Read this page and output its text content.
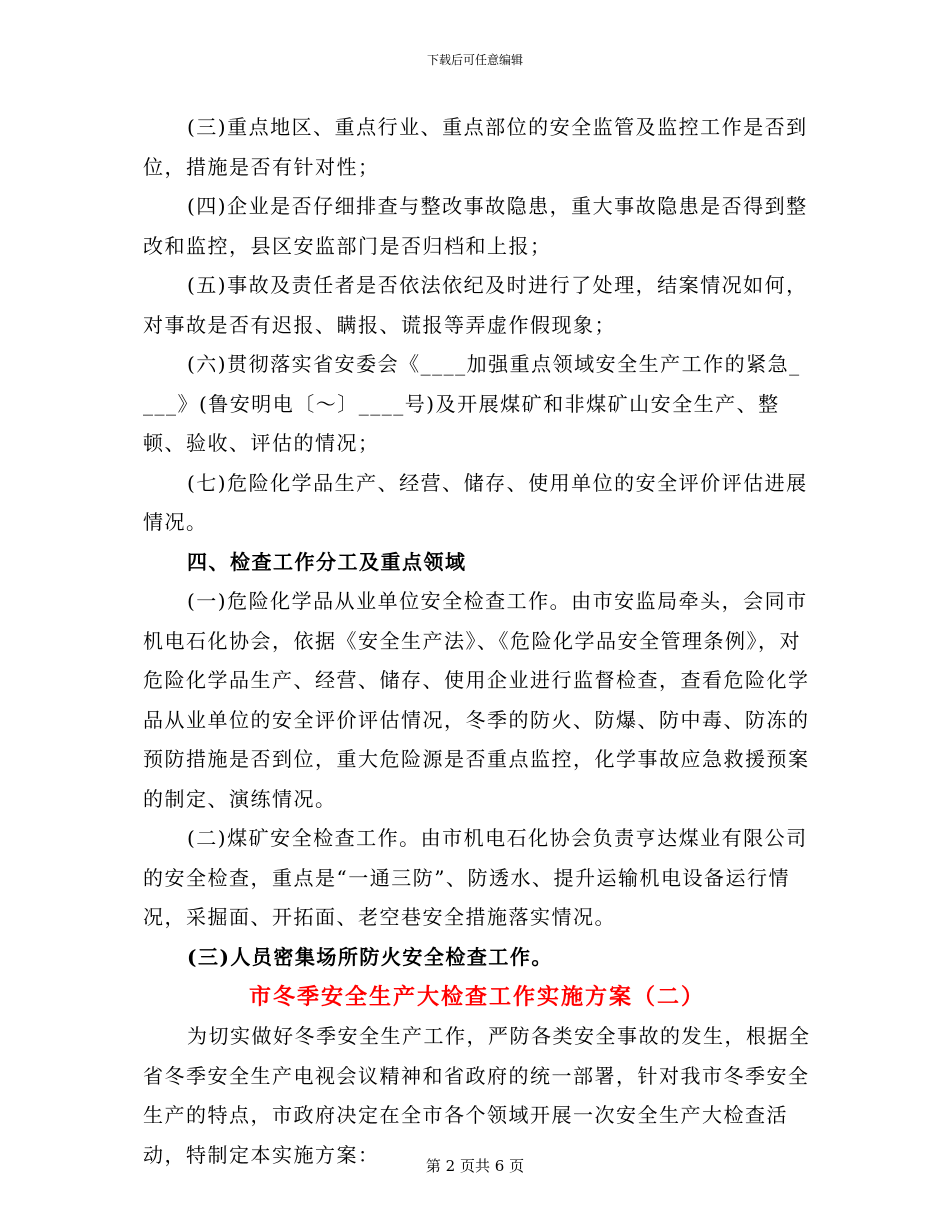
下载后可任意编辑

(三)重点地区、重点行业、重点部位的安全监管及监控工作是否到位，措施是否有针对性；

(四)企业是否仔细排查与整改事故隐患，重大事故隐患是否得到整改和监控，县区安监部门是否归档和上报；

(五)事故及责任者是否依法依纪及时进行了处理，结案情况如何，对事故是否有迟报、瞒报、谎报等弄虚作假现象；

(六)贯彻落实省安委会《____加强重点领域安全生产工作的紧急____》(鲁安明电〔～〕____号)及开展煤矿和非煤矿山安全生产、整顿、验收、评估的情况；

(七)危险化学品生产、经营、储存、使用单位的安全评价评估进展情况。

四、检查工作分工及重点领域

(一)危险化学品从业单位安全检查工作。由市安监局牵头，会同市机电石化协会，依据《安全生产法》、《危险化学品安全管理条例》，对危险化学品生产、经营、储存、使用企业进行监督检查，查看危险化学品从业单位的安全评价评估情况，冬季的防火、防爆、防中毒、防冻的预防措施是否到位，重大危险源是否重点监控，化学事故应急救援预案的制定、演练情况。

(二)煤矿安全检查工作。由市机电石化协会负责亨达煤业有限公司的安全检查，重点是“一通三防”、防透水、提升运输机电设备运行情况，采掘面、开拓面、老空巷安全措施落实情况。

(三)人员密集场所防火安全检查工作。

市冬季安全生产大检查工作实施方案（二）

为切实做好冬季安全生产工作，严防各类安全事故的发生，根据全省冬季安全生产电视会议精神和省政府的统一部署，针对我市冬季安全生产的特点，市政府决定在全市各个领域开展一次安全生产大检查活动，特制定本实施方案：	第 2 页共 6 页
